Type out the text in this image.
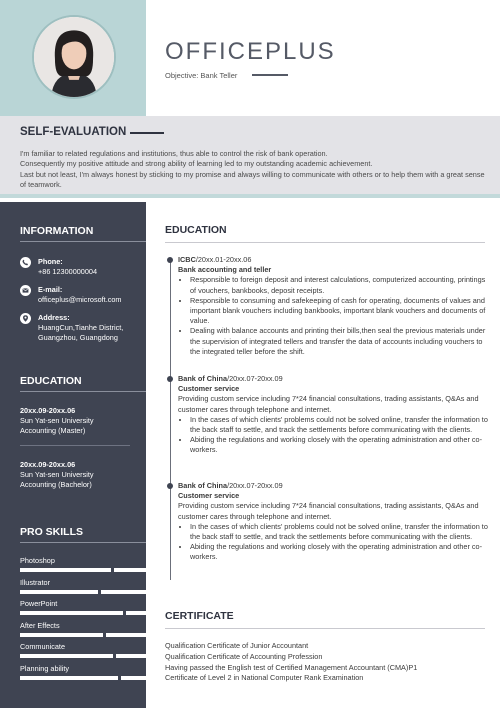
OFFICEPLUS
Objective: Bank Teller
SELF-EVALUATION

I'm familiar to related regulations and institutions, thus able to control the risk of bank operation.

Consequently my positive attitude and strong ability of learning led to my outstanding academic achievement.

Last but not least, I'm always honest by sticking to my promise and always willing to communicate with others or to help them with a great sense of teamwork.

INFORMATION
Phone:
+86 12300000004
E-mail:
officeplus@microsoft.com
Address:
HuangCun,Tianhe District, Guangzhou, Guangdong
EDUCATION
20xx.09-20xx.06
Sun Yat-sen University
Accounting (Master)
20xx.09-20xx.06
Sun Yat-sen University
Accounting (Bachelor)
PRO SKILLS
Photoshop
Illustrator
PowerPoint
After Effects
Communicate
Planning ability
EDUCATION
ICBC/20xx.01-20xx.06
Bank accounting and teller
• Responsible to foreign deposit and interest calculations, computerized accounting, printings of vouchers, bankbooks, deposit receipts.
• Responsible to consuming and safekeeping of cash for operating, documents of values and important blank vouchers including bankbooks, important blank vouchers and documents of value.
• Dealing with balance accounts and printing their bills,then seal the previous materials under the supervision of integrated tellers and transfer the data of accounts including vouchers to the integrated teller before the shift.
Bank of China/20xx.07-20xx.09
Customer service

Providing custom service including 7*24 financial consultations, trading assistants, Q&As and customer cares through telephone and internet.

• In the cases of which clients' problems could not be solved online, transfer the information to the back staff to settle, and track the settlements before communicating with the clients.
• Abiding the regulations and working closely with the operating administration and other co-workers.
Bank of China/20xx.07-20xx.09
Customer service

Providing custom service including 7*24 financial consultations, trading assistants, Q&As and customer cares through telephone and internet.

• In the cases of which clients' problems could not be solved online, transfer the information to the back staff to settle, and track the settlements before communicating with the clients.
• Abiding the regulations and working closely with the operating administration and other co-workers.
CERTIFICATE
Qualification Certificate of Junior Accountant
Qualification Certificate of Accounting Profession
Having passed the English test of Certified Management Accountant (CMA)P1
Certificate of Level 2 in National Computer Rank Examination
